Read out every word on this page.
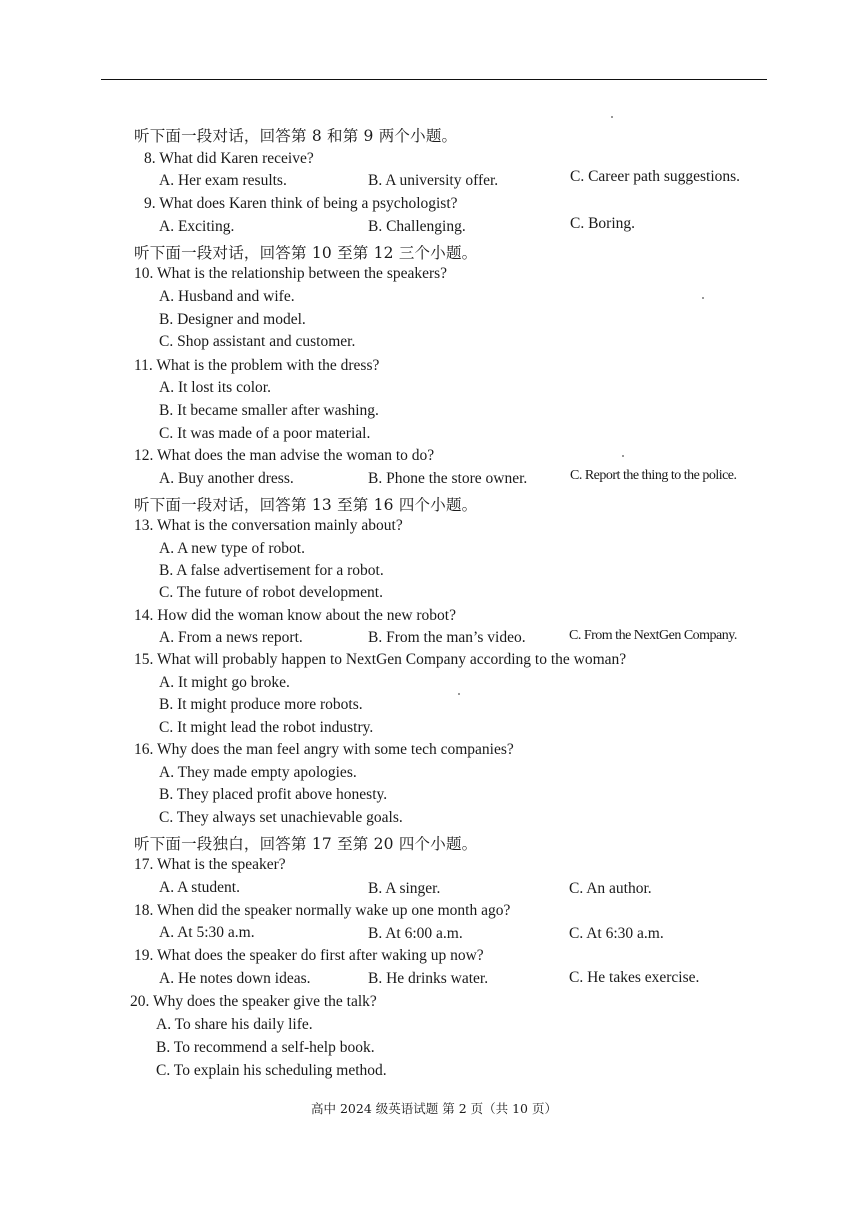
听下面一段对话，回答第 8 和第 9 两个小题。
8. What did Karen receive?
A. Her exam results.	B. A university offer.	C. Career path suggestions.
9. What does Karen think of being a psychologist?
A. Exciting.	B. Challenging.	C. Boring.
听下面一段对话，回答第 10 至第 12 三个小题。
10. What is the relationship between the speakers?
A. Husband and wife.
B. Designer and model.
C. Shop assistant and customer.
11. What is the problem with the dress?
A. It lost its color.
B. It became smaller after washing.
C. It was made of a poor material.
12. What does the man advise the woman to do?
A. Buy another dress.	B. Phone the store owner.	C. Report the thing to the police.
听下面一段对话，回答第 13 至第 16 四个小题。
13. What is the conversation mainly about?
A. A new type of robot.
B. A false advertisement for a robot.
C. The future of robot development.
14. How did the woman know about the new robot?
A. From a news report.	B. From the man’s video.	C. From the NextGen Company.
15. What will probably happen to NextGen Company according to the woman?
A. It might go broke.
B. It might produce more robots.
C. It might lead the robot industry.
16. Why does the man feel angry with some tech companies?
A. They made empty apologies.
B. They placed profit above honesty.
C. They always set unachievable goals.
听下面一段独白，回答第 17 至第 20 四个小题。
17. What is the speaker?
A. A student.	B. A singer.	C. An author.
18. When did the speaker normally wake up one month ago?
A. At 5:30 a.m.	B. At 6:00 a.m.	C. At 6:30 a.m.
19. What does the speaker do first after waking up now?
A. He notes down ideas.	B. He drinks water.	C. He takes exercise.
20. Why does the speaker give the talk?
A. To share his daily life.
B. To recommend a self-help book.
C. To explain his scheduling method.
高中 2024 级英语试题 第 2 页（共 10 页）
